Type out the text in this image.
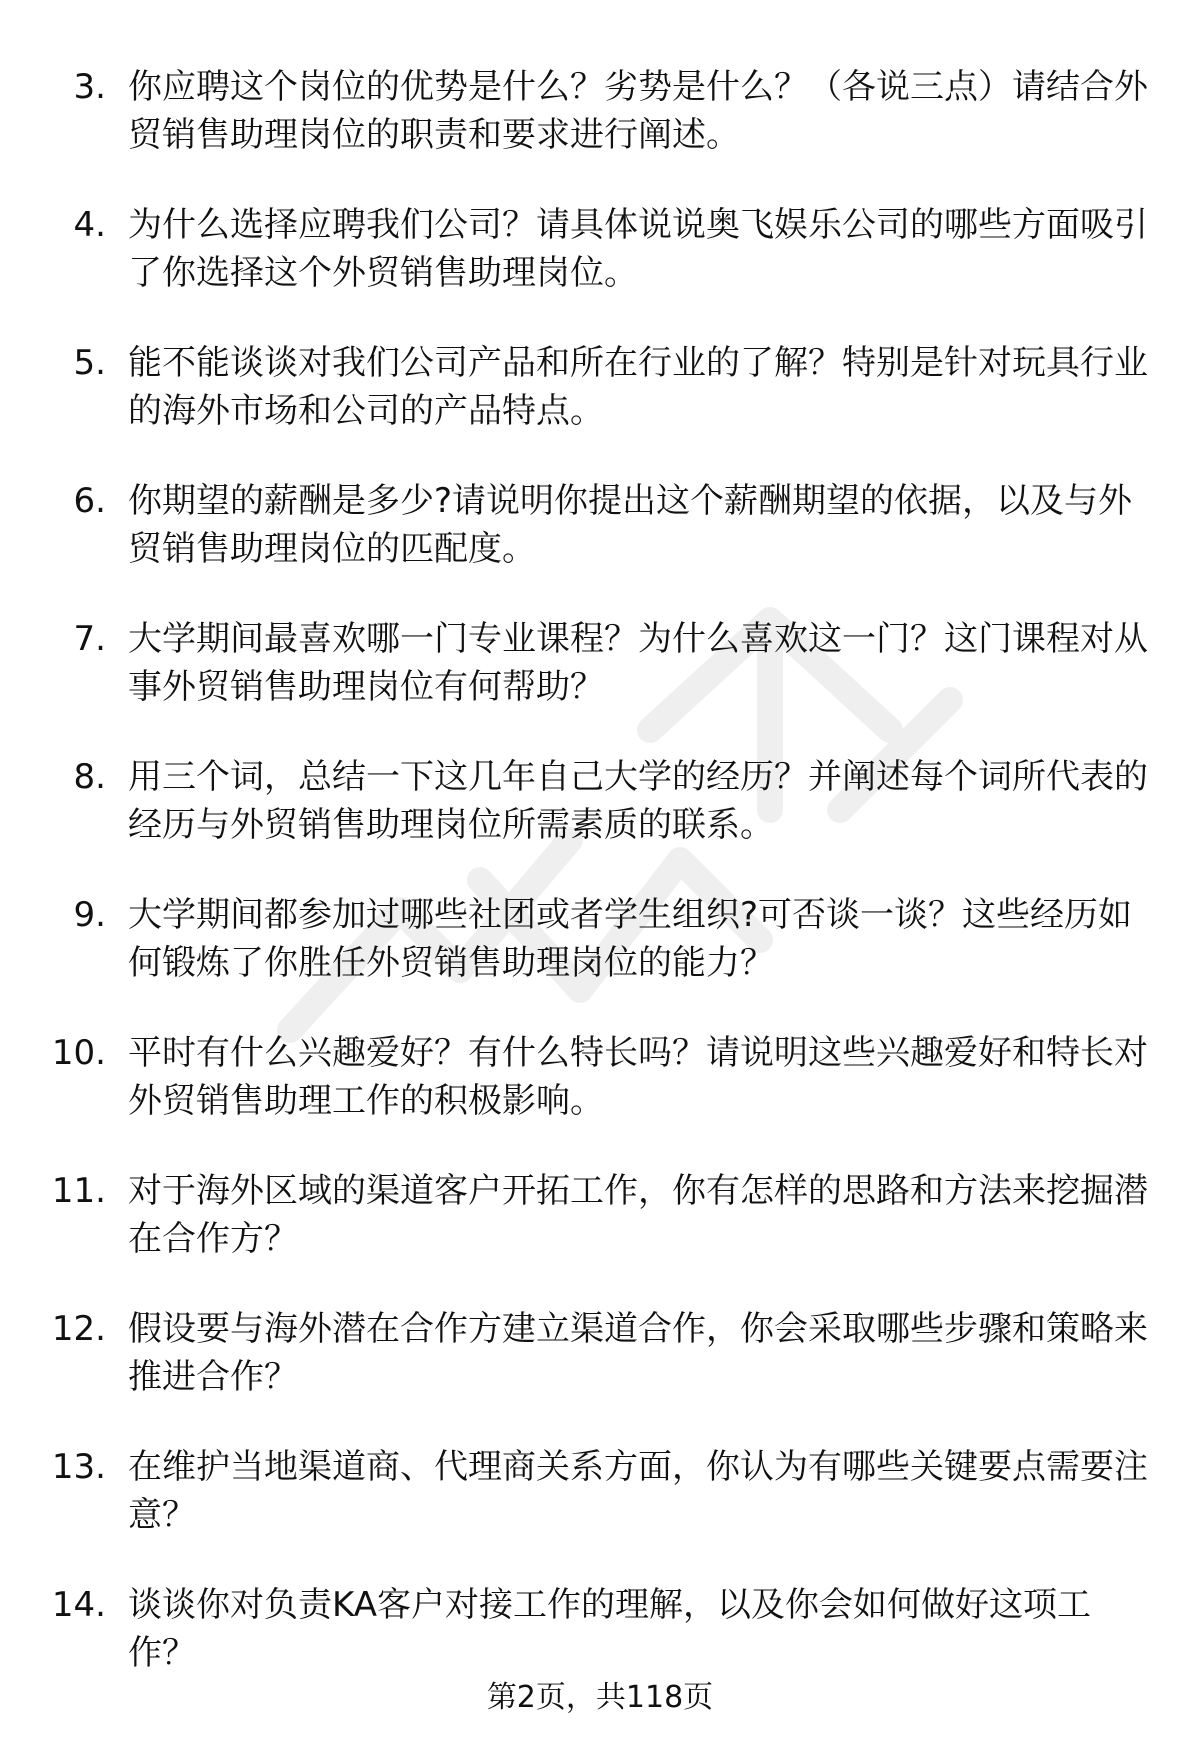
3. 你应聘这个岗位的优势是什么？劣势是什么？（各说三点）请结合外贸销售助理岗位的职责和要求进行阐述。
4. 为什么选择应聘我们公司？请具体说说奥飞娱乐公司的哪些方面吸引了你选择这个外贸销售助理岗位。
5. 能不能谈谈对我们公司产品和所在行业的了解？特别是针对玩具行业的海外市场和公司的产品特点。
6. 你期望的薪酬是多少?请说明你提出这个薪酬期望的依据，以及与外贸销售助理岗位的匹配度。
7. 大学期间最喜欢哪一门专业课程？为什么喜欢这一门？这门课程对从事外贸销售助理岗位有何帮助？
8. 用三个词，总结一下这几年自己大学的经历？并阐述每个词所代表的经历与外贸销售助理岗位所需素质的联系。
9. 大学期间都参加过哪些社团或者学生组织?可否谈一谈？这些经历如何锻炼了你胜任外贸销售助理岗位的能力？
10. 平时有什么兴趣爱好？有什么特长吗？请说明这些兴趣爱好和特长对外贸销售助理工作的积极影响。
11. 对于海外区域的渠道客户开拓工作，你有怎样的思路和方法来挖掘潜在合作方？
12. 假设要与海外潜在合作方建立渠道合作，你会采取哪些步骤和策略来推进合作？
13. 在维护当地渠道商、代理商关系方面，你认为有哪些关键要点需要注意？
14. 谈谈你对负责KA客户对接工作的理解，以及你会如何做好这项工作？
第2页，共118页
